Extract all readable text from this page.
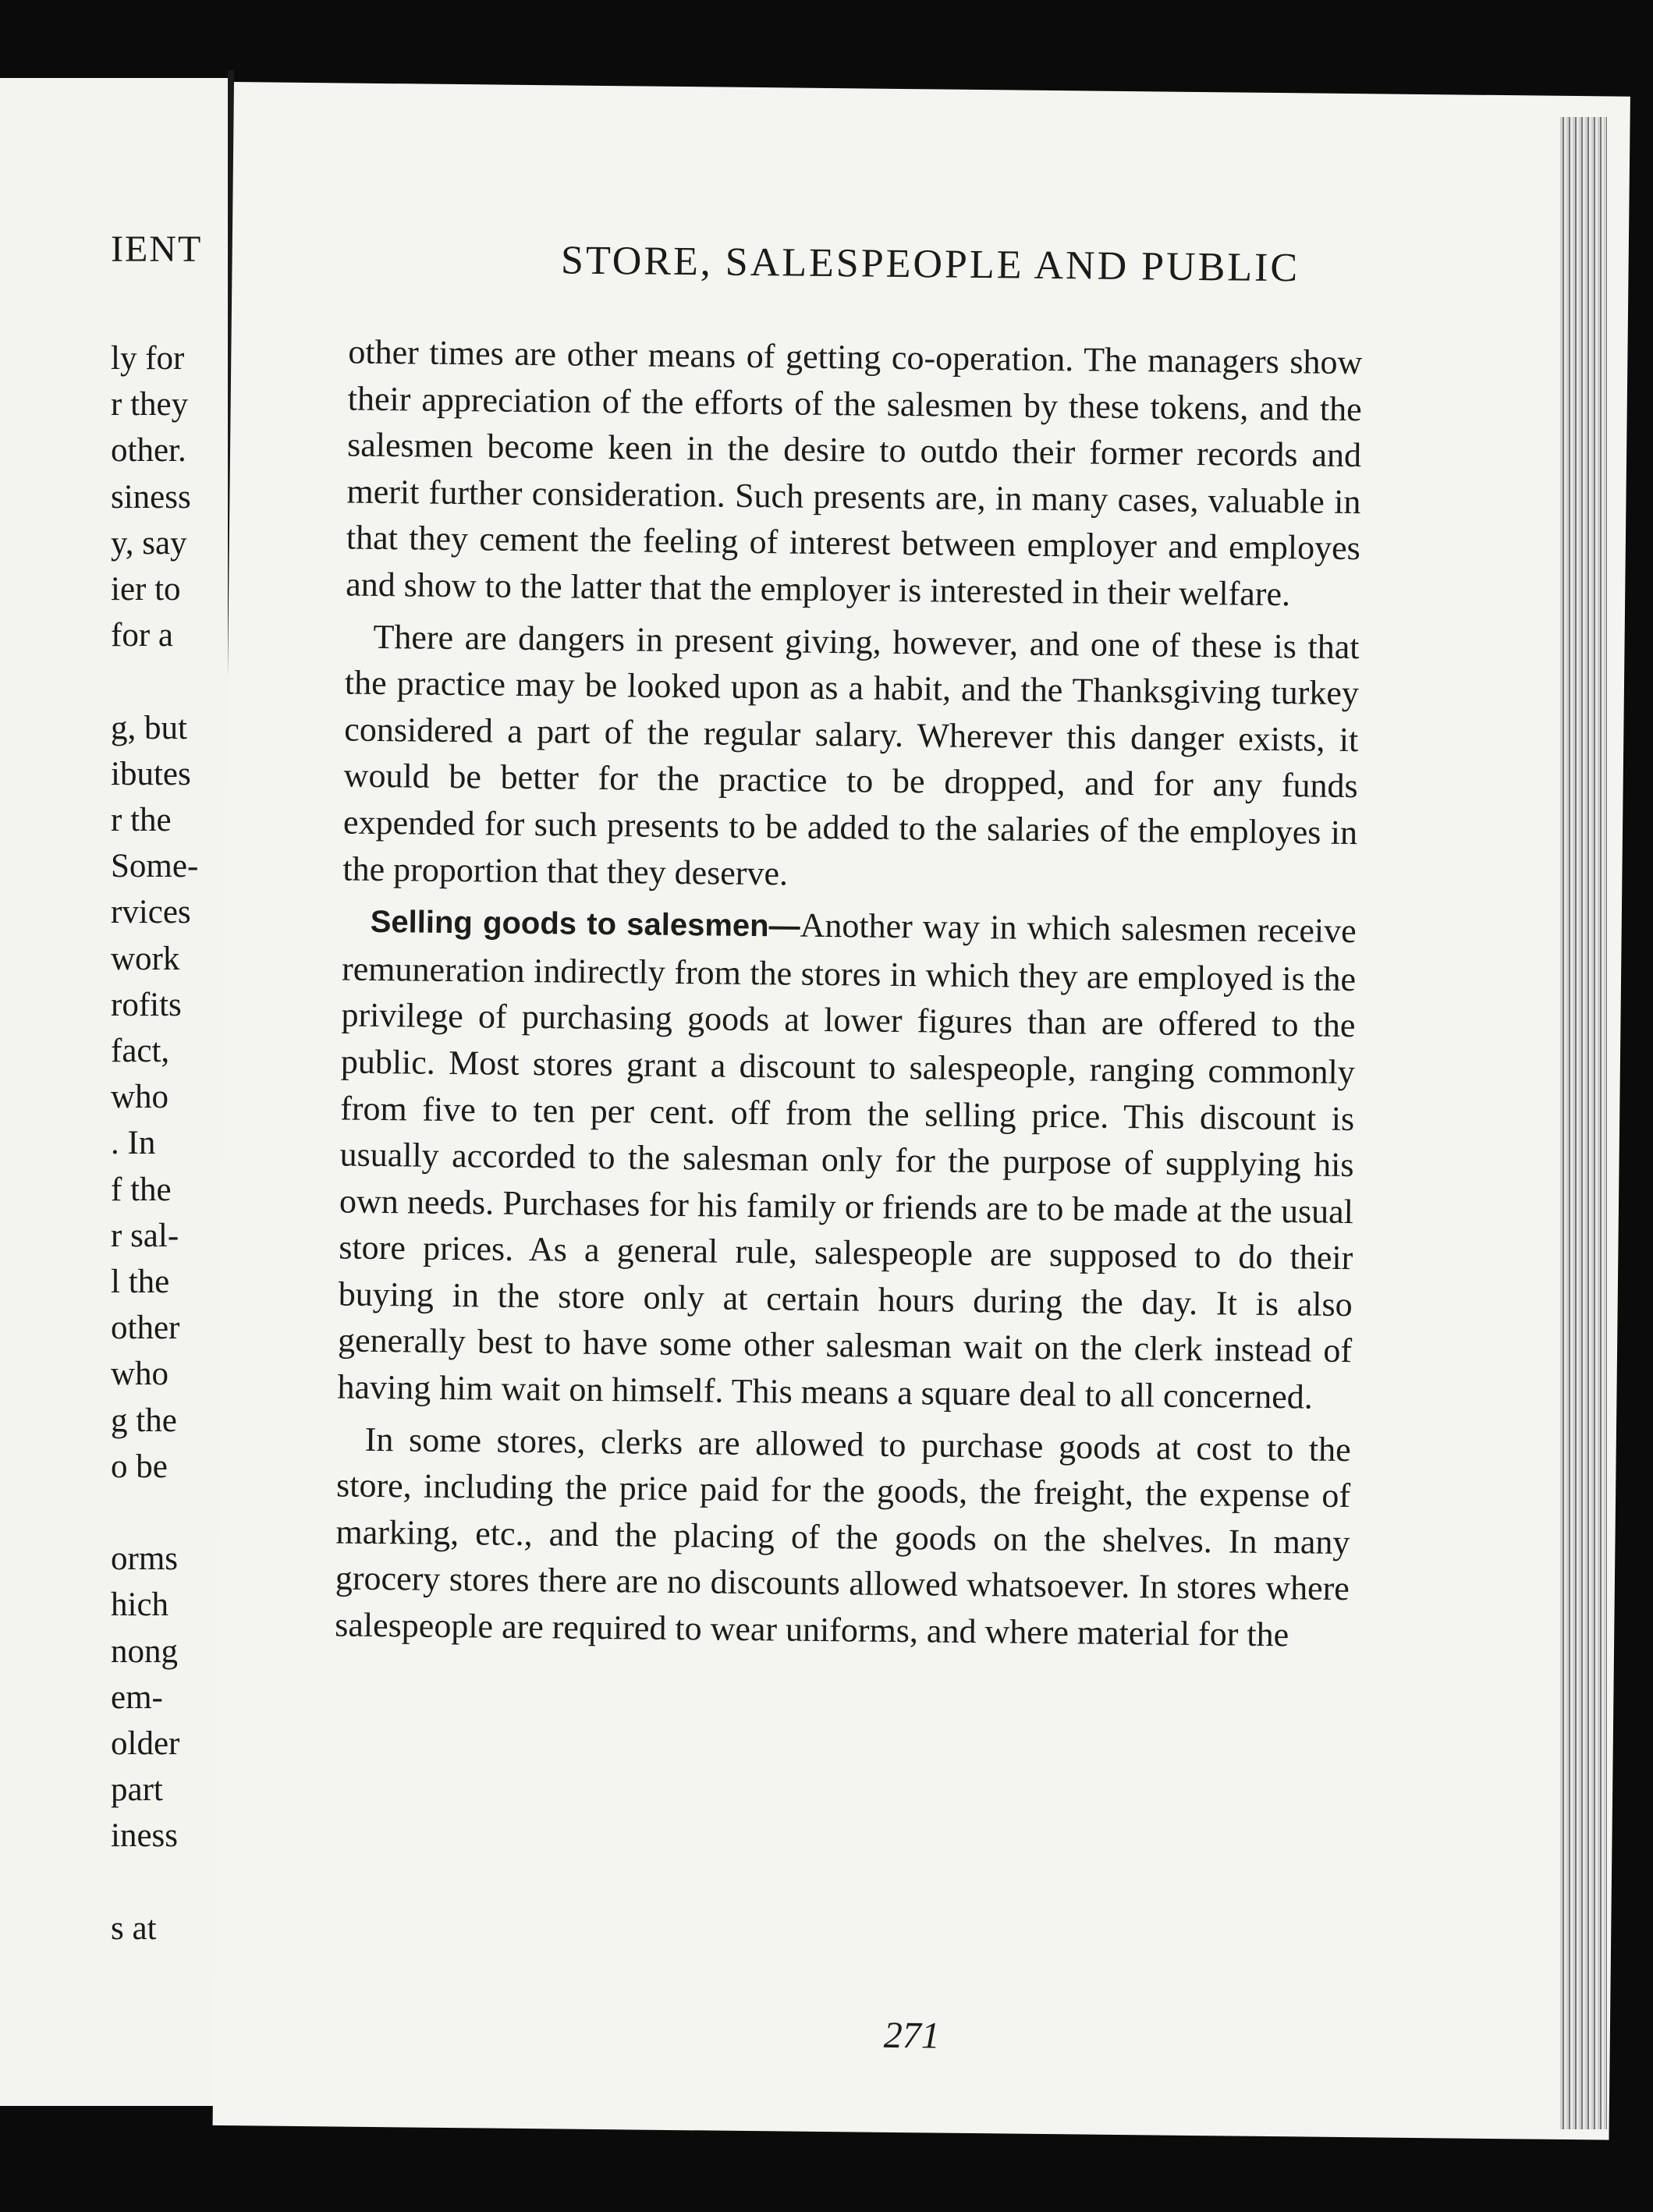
IENT
ly for
r they
other.
siness
y, say
ier to
for a
g, but
ibutes
r the
Some-
rvices
work
rofits
fact,
who
. In
f the
r sal-
l the
other
who
g the
o be
orms
hich
nong
em-
older
part
iness
s at
STORE, SALESPEOPLE AND PUBLIC

other times are other means of getting co-operation. The managers show their appreciation of the efforts of the salesmen by these tokens, and the salesmen become keen in the desire to outdo their former records and merit further consideration. Such presents are, in many cases, valuable in that they cement the feeling of interest between employer and employes and show to the latter that the employer is interested in their welfare.

There are dangers in present giving, however, and one of these is that the practice may be looked upon as a habit, and the Thanksgiving turkey considered a part of the regular salary. Wherever this danger exists, it would be better for the practice to be dropped, and for any funds expended for such presents to be added to the salaries of the employes in the proportion that they deserve.

Selling goods to salesmen—Another way in which salesmen receive remuneration indirectly from the stores in which they are employed is the privilege of purchasing goods at lower figures than are offered to the public. Most stores grant a discount to salespeople, ranging commonly from five to ten per cent. off from the selling price. This discount is usually accorded to the salesman only for the purpose of supplying his own needs. Purchases for his family or friends are to be made at the usual store prices. As a general rule, salespeople are supposed to do their buying in the store only at certain hours during the day. It is also generally best to have some other salesman wait on the clerk instead of having him wait on himself. This means a square deal to all concerned.

In some stores, clerks are allowed to purchase goods at cost to the store, including the price paid for the goods, the freight, the expense of marking, etc., and the placing of the goods on the shelves. In many grocery stores there are no discounts allowed whatsoever. In stores where salespeople are required to wear uniforms, and where material for the

271
